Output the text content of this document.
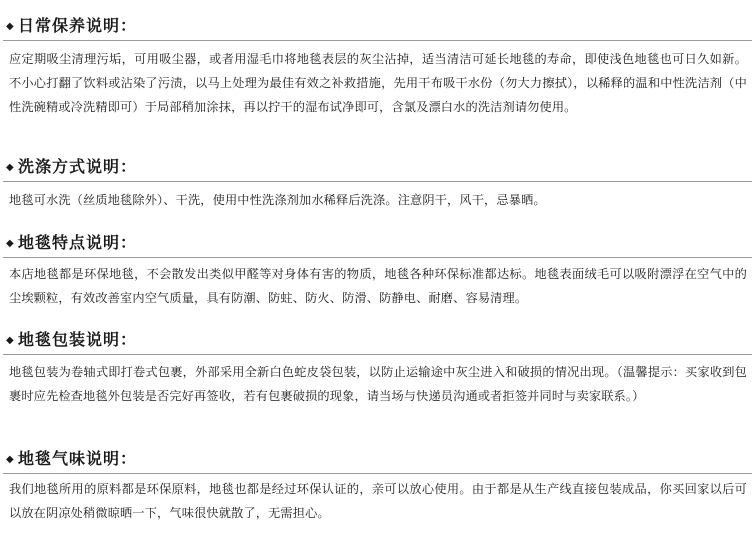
◆ 日常保养说明：
应定期吸尘清理污垢，可用吸尘器，或者用湿毛巾将地毯表层的灰尘沾掉，适当清洁可延长地毯的寿命，即使浅色地毯也可日久如新。不小心打翻了饮料或沾染了污渍，以马上处理为最佳有效之补救措施，先用干布吸干水份（勿大力擦拭），以稀释的温和中性洗洁剂（中性洗碗精或冷洗精即可）于局部稍加涂抹，再以拧干的湿布试净即可，含氯及漂白水的洗洁剂请勿使用。
◆ 洗涤方式说明：
地毯可水洗（丝质地毯除外）、干洗，使用中性洗涤剂加水稀释后洗涤。注意阴干，风干，忌暴晒。
◆ 地毯特点说明：
本店地毯都是环保地毯，不会散发出类似甲醛等对身体有害的物质，地毯各种环保标准都达标。地毯表面绒毛可以吸附漂浮在空气中的尘埃颗粒，有效改善室内空气质量，具有防潮、防蛀、防火、防滑、防静电、耐磨、容易清理。
◆ 地毯包装说明：
地毯包装为卷轴式即打卷式包裹，外部采用全新白色蛇皮袋包装，以防止运输途中灰尘进入和破损的情况出现。（温馨提示：买家收到包裹时应先检查地毯外包装是否完好再签收，若有包裹破损的现象，请当场与快递员沟通或者拒签并同时与卖家联系。）
◆ 地毯气味说明：
我们地毯所用的原料都是环保原料，地毯也都是经过环保认证的，亲可以放心使用。由于都是从生产线直接包装成品，你买回家以后可以放在阴凉处稍微晾晒一下，气味很快就散了，无需担心。
